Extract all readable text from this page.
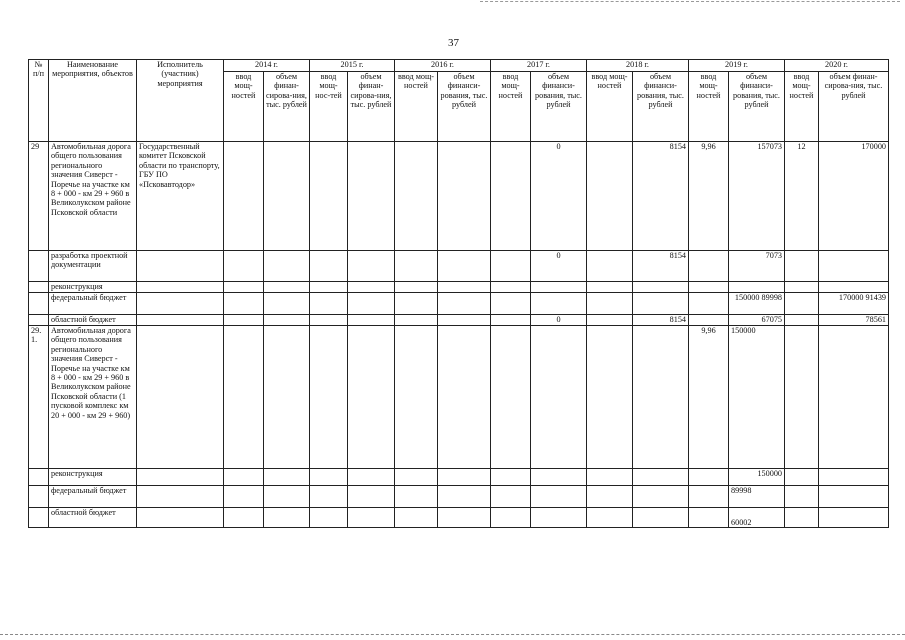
37
№ п/п	Наименование мероприятия, объектов	Исполнитель (участник) мероприятия	2014 г.		2015 г.		2016 г.		2017 г.		2018 г.		2019 г.		2020 г.	
			ввод мощ-ностей	объем финан-сирова-ния, тыс. рублей	ввод мощ-нос-тей	объем финан-сирова-ния, тыс. рублей	ввод мощ-ностей	объем финанси-рования, тыс. рублей	ввод мощ-ностей	объем финанси-рования, тыс. рублей	ввод мощ-ностей	объем финанси-рования, тыс. рублей	ввод мощ-ностей	объем финанси-рования, тыс. рублей	ввод мощ-ностей	объем финан-сирова-ния, тыс. рублей
29	Автомобильная дорога общего пользования регионального значения Сиверст - Поречье на участке км 8 + 000 - км 29 + 960 в Великолукском районе Псковской области	Государственный комитет Псковской области по транспорту, ГБУ ПО «Псковавтодор»								0		8154	9,96	157073	12	170000
	разработка проектной документации									0		8154		7073		
	реконструкция															
	федеральный бюджет													150000 89998		170000 91439
	областной бюджет									0		8154		67075		78561
29. 1.	Автомобильная дорога общего пользования регионального значения Сиверст - Поречье на участке км 8 + 000 - км 29 + 960 в Великолукском районе Псковской области (1 пусковой комплекс км 20 + 000 - км 29 + 960)												9,96	150000		
	реконструкция													150000		
	федеральный бюджет													89998		
	областной бюджет													60002		
